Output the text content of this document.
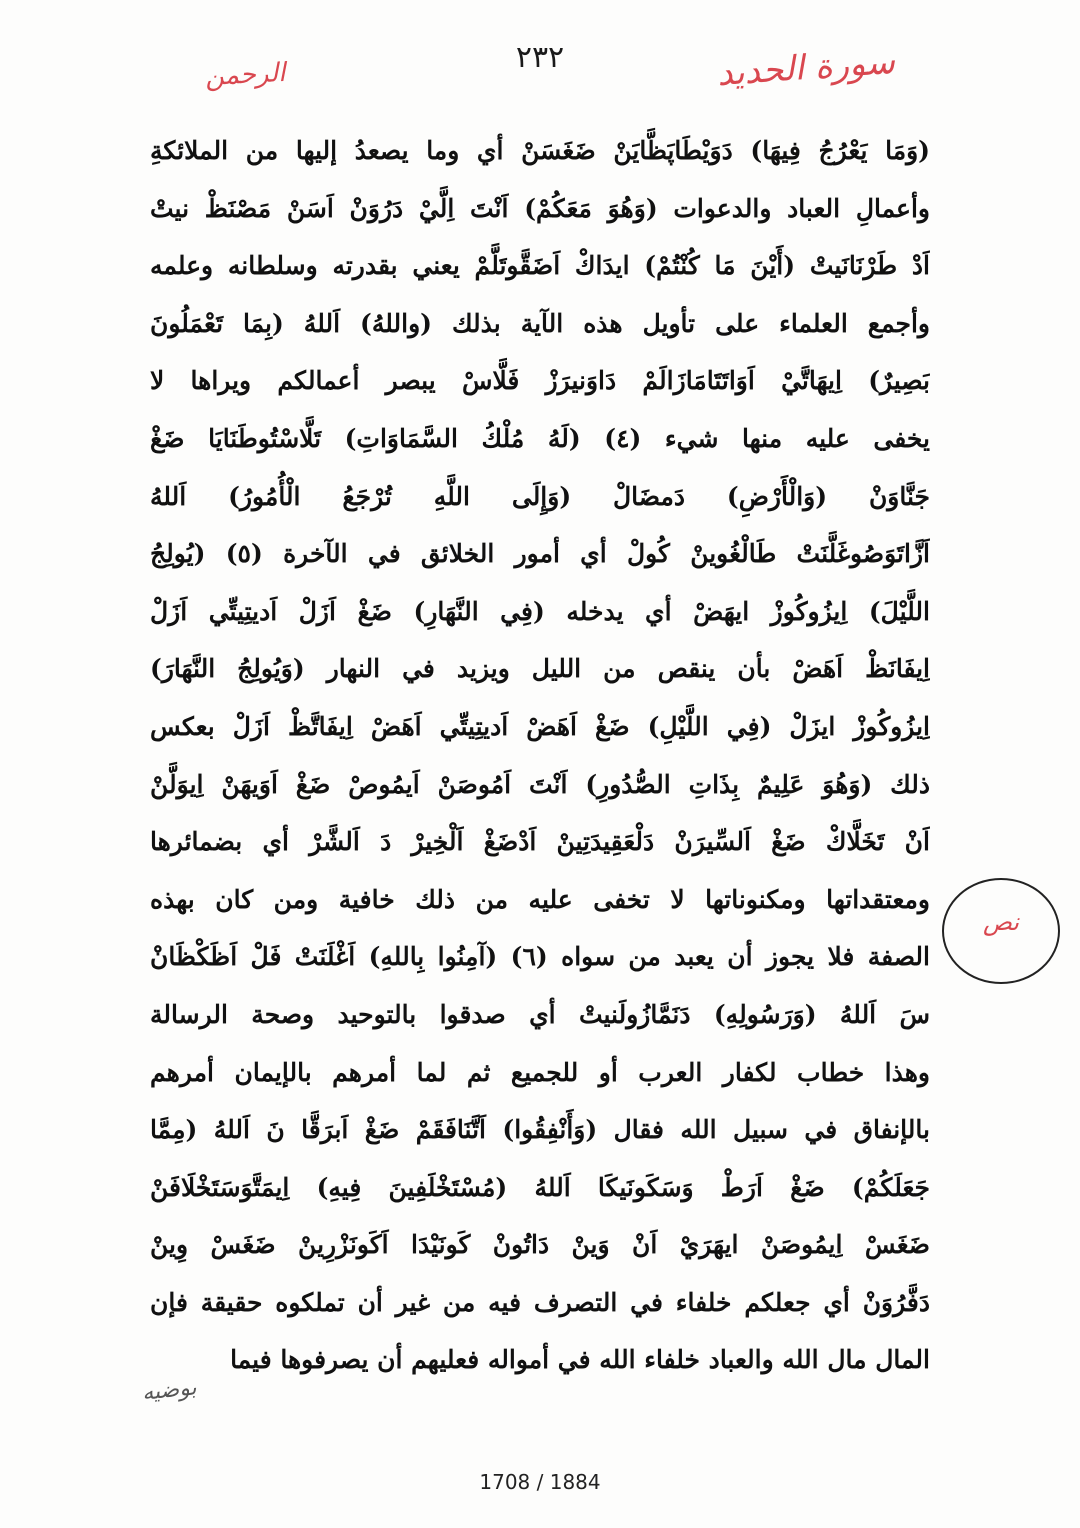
٢٣٢	سورة الحديد
الرحمن
(وَمَا يَعْرُجُ فِيهَا) دَوَيْطَاپَظَّايَنْ ضَغَسَنْ أي وما يصعدُ إليها من الملائكةِ
وأعمالِ العباد والدعوات (وَهُوَ مَعَكُمْ) اَنْتَ اِلَّيْ دَرُوَنْ اَسَنْ مَصْنَظْ نيتْ
اَدْ طَرْنَانَيتْ (أَيْنَ مَا كُنْتُمْ) ايدَاكْ اَضَقَّوتَلَّمْ يعني بقدرته وسلطانه وعلمه
وأجمع العلماء على تأويل هذه الآية بذلك (واللهُ) اَللهُ (بِمَا تَعْمَلُونَ
بَصِيرٌ) اِيهَاتَّيْ اَوَاتَتَامَازَالَمْ دَاوَنيرَزْ فَلَّاسْ يبصر أعمالكم ويراها لا
يخفى عليه منها شيء (٤) (لَهُ مُلْكُ السَّمَاوَاتِ) تَلَّاسْتُوطَنَايَا ضَغْ
جَنَّاوَنْ (وَالْأَرْضِ) دَمضَالْ (وَإِلَى اللَّهِ تُرْجَعُ الْأُمُورُ) اَللهُ
اَزَّاتَوَصُوغَلَّنَتْ طَالْغُوينْ كُولْ أي أمور الخلائق في الآخرة (٥) (يُولِجُ
اللَّيْلَ) اِيزُوكُوزْ ايهَضْ أي يدخله (فِي النَّهَارِ) ضَغْ اَزَلْ اَديتِيتِّي اَزَلْ
اِيفَانَظْ اَهَضْ بأن ينقص من الليل ويزيد في النهار (وَيُولِجُ النَّهَارَ)
اِيزُوكُوزْ ايزَلْ (فِي اللَّيْلِ) ضَغْ اَهَضْ اَديتِيتِّي اَهَضْ اِيفَاتَّظْ اَزَلْ بعكس
ذلك (وَهُوَ عَلِيمٌ بِذَاتِ الصُّدُورِ) اَنْتَ اَمُوصَنْ اَيمُوصْ ضَغْ اَوَيهَنْ اِيوَلَّنْ
اَنْ تَخَلَّاكْ ضَغْ اَلسِّيرَنْ دَلْعَقِيدَتِينْ اَدْضَغْ اَلْخِيرْ دَ اَلشَّرْ أي بضمائرها
ومعتقداتها ومكنوناتها لا تخفى عليه من ذلك خافية ومن كان بهذه
الصفة فلا يجوز أن يعبد من سواه (٦) (آمِنُوا بِاللهِ) اَغْلَنَتْ فَلْ اَظَكْظَانْ
سَ اَللهُ (وَرَسُولِهِ) دَنَمَّازُولَنيتْ أي صدقوا بالتوحيد وصحة الرسالة
وهذا خطاب لكفار العرب أو للجميع ثم لما أمرهم بالإيمان أمرهم
بالإنفاق في سبيل الله فقال (وَأَنْفِقُوا) اَتَّنَافَقَمْ ضَغْ اَبرَقَّا نَ اَللهُ (مِمَّا
جَعَلَكُمْ) ضَغْ اَرَطْ وَسَكَونَيكَا اَللهُ (مُسْتَخْلَفِينَ فِيهِ) اِيمَتَّوَسَتَخْلَافَنْ
ضَغَسْ اِيمُوصَنْ ايهَرَيْ اَنْ وَينْ دَاتُونْ كَونَيْدَا اَكَونَزْرِينْ ضَغَسْ وِينْ
دَفَّرُوَنْ أي جعلكم خلفاء في التصرف فيه من غير أن تملكوه حقيقة فإن
المال مال الله والعباد خلفاء الله في أمواله فعليهم أن يصرفوها فيما
نص
بوضيه
1708 / 1884
